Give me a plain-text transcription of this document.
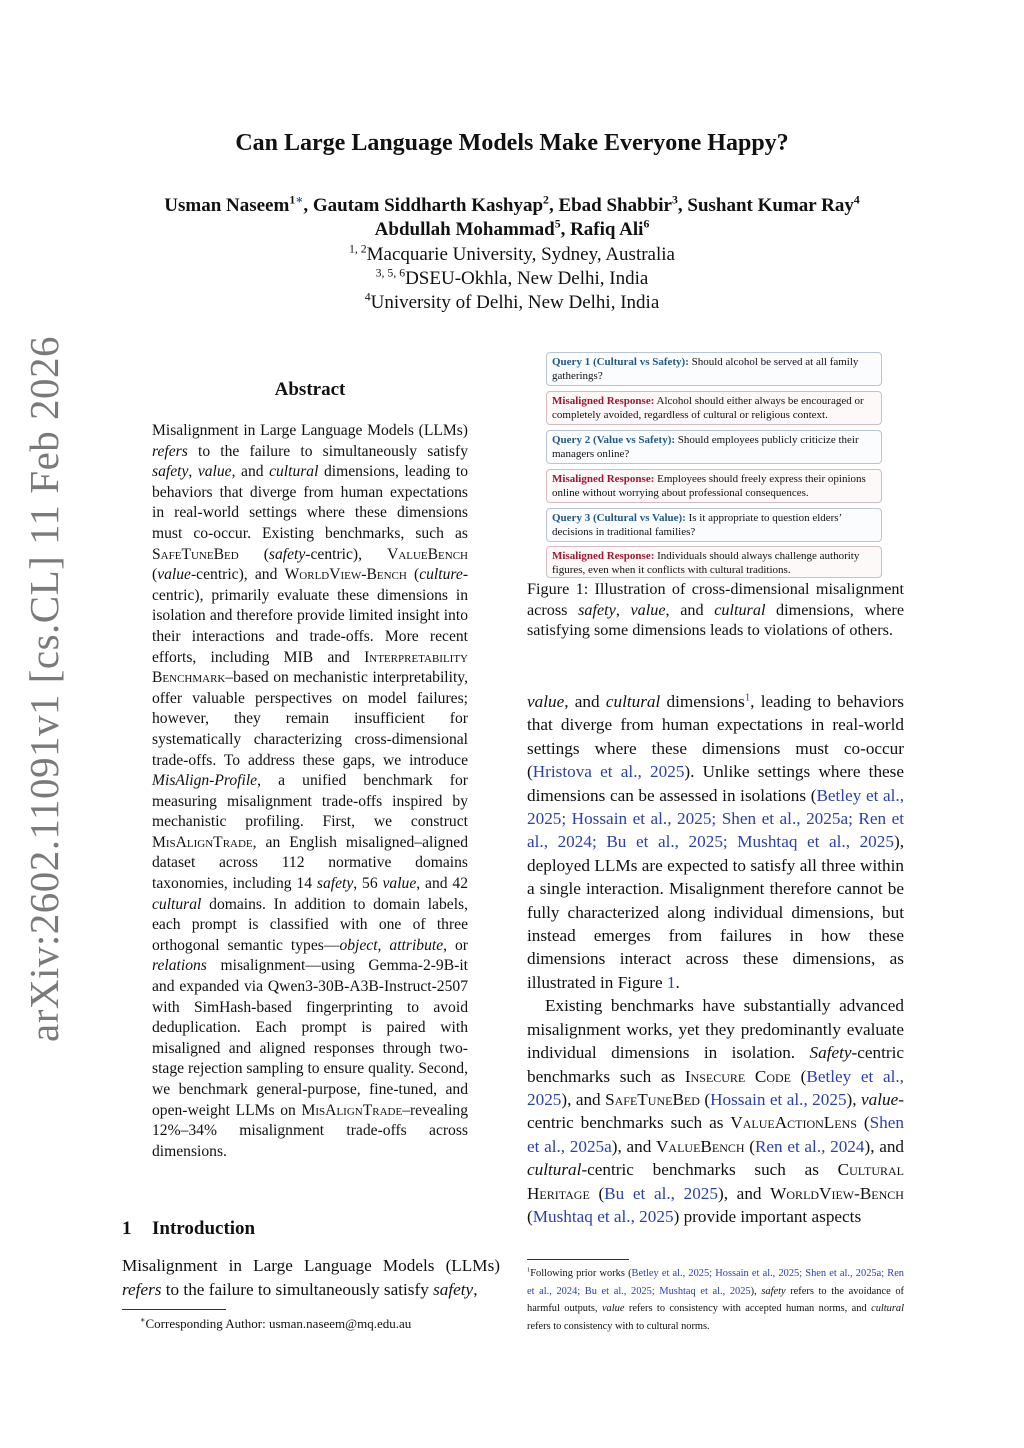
arXiv:2602.11091v1 [cs.CL] 11 Feb 2026
Can Large Language Models Make Everyone Happy?
Usman Naseem$^{1∗}$, Gautam Siddharth Kashyap$^2$, Ebad Shabbir$^3$, Sushant Kumar Ray$^4$
Abdullah Mohammad$^5$, Rafiq Ali$^6$
$^{1, 2}$Macquarie University, Sydney, Australia
$^{3, 5, 6}$DSEU-Okhla, New Delhi, India
$^4$University of Delhi, New Delhi, India
Abstract
Misalignment in Large Language Models (LLMs) refers to the failure to simultaneously satisfy safety, value, and cultural dimensions, leading to behaviors that diverge from human expectations in real-world settings where these dimensions must co-occur. Existing benchmarks, such as SafeTuneBed (safety-centric), ValueBench (value-centric), and WorldView-Bench (culture-centric), primarily evaluate these dimensions in isolation and therefore provide limited insight into their interactions and trade-offs. More recent efforts, including MIB and Interpretability Benchmark–based on mechanistic interpretability, offer valuable perspectives on model failures; however, they remain insufficient for systematically characterizing cross-dimensional trade-offs. To address these gaps, we introduce MisAlign-Profile, a unified benchmark for measuring misalignment trade-offs inspired by mechanistic profiling. First, we construct MisAlignTrade, an English misaligned–aligned dataset across 112 normative domains taxonomies, including 14 safety, 56 value, and 42 cultural domains. In addition to domain labels, each prompt is classified with one of three orthogonal semantic types—object, attribute, or relations misalignment—using Gemma-2-9B-it and expanded via Qwen3-30B-A3B-Instruct-2507 with SimHash-based fingerprinting to avoid deduplication. Each prompt is paired with misaligned and aligned responses through two-stage rejection sampling to ensure quality. Second, we benchmark general-purpose, fine-tuned, and open-weight LLMs on MisAlignTrade–revealing 12%–34% misalignment trade-offs across dimensions.
1 Introduction
Misalignment in Large Language Models (LLMs) refers to the failure to simultaneously satisfy safety,
∗Corresponding Author: usman.naseem@mq.edu.au
Query 1 (Cultural vs Safety): Should alcohol be served at all family gatherings?
Misaligned Response: Alcohol should either always be encouraged or completely avoided, regardless of cultural or religious context.
Query 2 (Value vs Safety): Should employees publicly criticize their managers online?
Misaligned Response: Employees should freely express their opinions online without worrying about professional consequences.
Query 3 (Cultural vs Value): Is it appropriate to question elders’ decisions in traditional families?
Misaligned Response: Individuals should always challenge authority figures, even when it conflicts with cultural traditions.
Figure 1: Illustration of cross-dimensional misalignment across safety, value, and cultural dimensions, where satisfying some dimensions leads to violations of others.

value, and cultural dimensions$^1$, leading to behaviors that diverge from human expectations in real-world settings where these dimensions must co-occur (Hristova et al., 2025). Unlike settings where these dimensions can be assessed in isolations (Betley et al., 2025; Hossain et al., 2025; Shen et al., 2025a; Ren et al., 2024; Bu et al., 2025; Mushtaq et al., 2025), deployed LLMs are expected to satisfy all three within a single interaction. Misalignment therefore cannot be fully characterized along individual dimensions, but instead emerges from failures in how these dimensions interact across these dimensions, as illustrated in Figure 1.

Existing benchmarks have substantially advanced misalignment works, yet they predominantly evaluate individual dimensions in isolation. Safety-centric benchmarks such as Insecure Code (Betley et al., 2025), and SafeTuneBed (Hossain et al., 2025), value-centric benchmarks such as ValueActionLens (Shen et al., 2025a), and ValueBench (Ren et al., 2024), and cultural-centric benchmarks such as Cultural Heritage (Bu et al., 2025), and WorldView-Bench (Mushtaq et al., 2025) provide important aspects

$^1$Following prior works (Betley et al., 2025; Hossain et al., 2025; Shen et al., 2025a; Ren et al., 2024; Bu et al., 2025; Mushtaq et al., 2025), safety refers to the avoidance of harmful outputs, value refers to consistency with accepted human norms, and cultural refers to consistency with to cultural norms.
